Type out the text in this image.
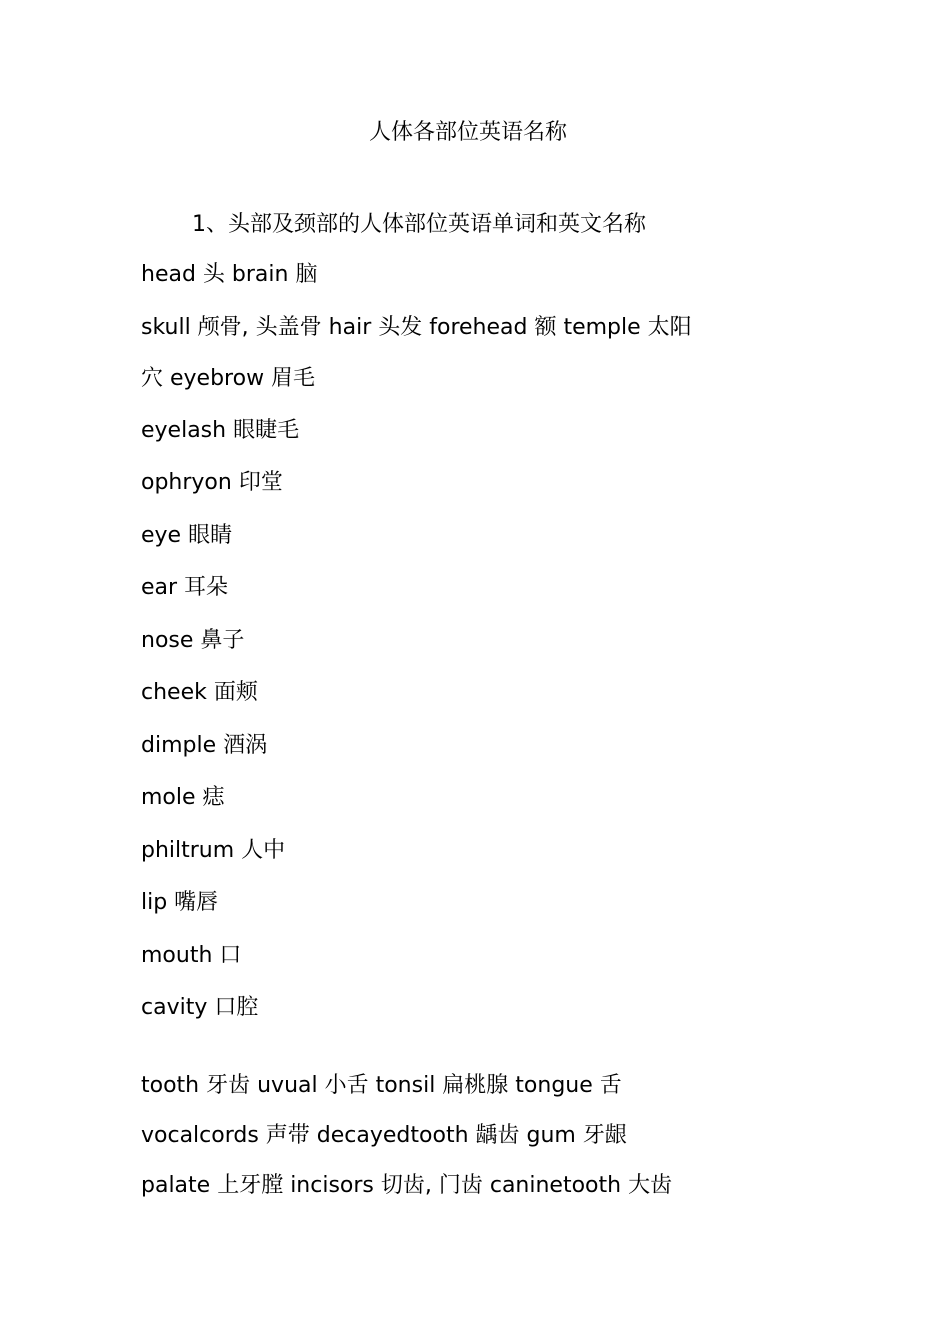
人体各部位英语名称
1、头部及颈部的人体部位英语单词和英文名称
head 头 brain 脑
skull 颅骨, 头盖骨 hair 头发 forehead 额 temple 太阳
穴 eyebrow 眉毛
eyelash 眼睫毛
ophryon 印堂
eye 眼睛
ear 耳朵
nose 鼻子
cheek 面颊
dimple 酒涡
mole 痣
philtrum 人中
lip 嘴唇
mouth 口
cavity 口腔
tooth 牙齿 uvual 小舌 tonsil 扁桃腺 tongue 舌
vocalcords 声带 decayedtooth 龋齿 gum 牙龈
palate 上牙膛 incisors 切齿, 门齿 caninetooth 大齿
